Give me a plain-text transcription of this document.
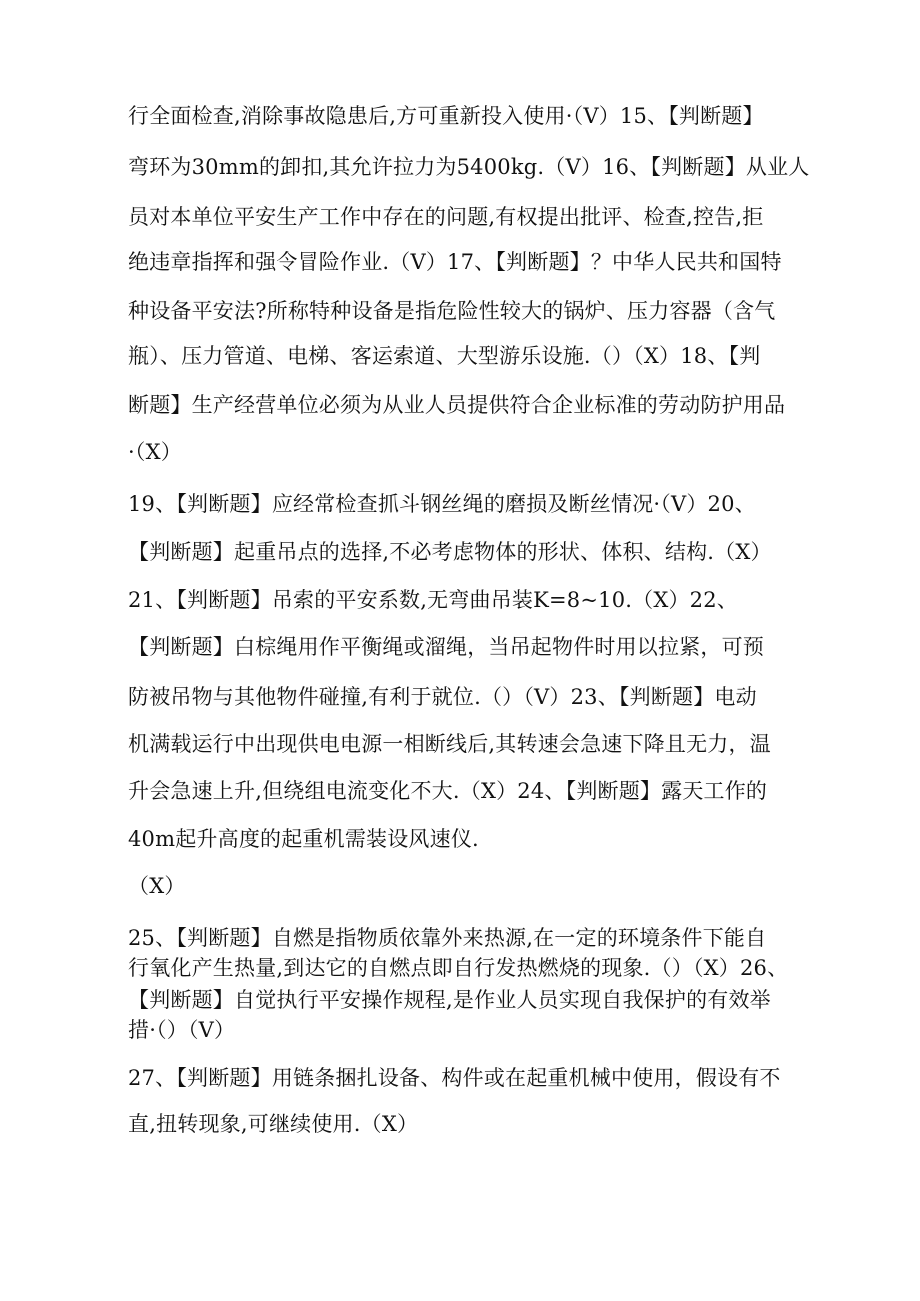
行全面检查,消除事故隐患后,方可重新投入使用·（V）15、【判断题】
弯环为30mm的卸扣,其允许拉力为5400kg.（V）16、【判断题】从业人
员对本单位平安生产工作中存在的问题,有权提出批评、检查,控告,拒
绝违章指挥和强令冒险作业.（V）17、【判断题】？中华人民共和国特
种设备平安法?所称特种设备是指危险性较大的锅炉、压力容器（含气
瓶）、压力管道、电梯、客运索道、大型游乐设施.（）（X）18、【判
断题】生产经营单位必须为从业人员提供符合企业标准的劳动防护用品
·（X）
19、【判断题】应经常检查抓斗钢丝绳的磨损及断丝情况·（V）20、
【判断题】起重吊点的选择,不必考虑物体的形状、体积、结构.（X）
21、【判断题】吊索的平安系数,无弯曲吊装K=8~10.（X）22、
【判断题】白棕绳用作平衡绳或溜绳，当吊起物件时用以拉紧，可预
防被吊物与其他物件碰撞,有利于就位.（）（V）23、【判断题】电动
机满载运行中出现供电电源一相断线后,其转速会急速下降且无力，温
升会急速上升,但绕组电流变化不大.（X）24、【判断题】露天工作的
40m起升高度的起重机需装设风速仪.
（X）
25、【判断题】自燃是指物质依靠外来热源,在一定的环境条件下能自
行氧化产生热量,到达它的自燃点即自行发热燃烧的现象.（）（X）26、
【判断题】自觉执行平安操作规程,是作业人员实现自我保护的有效举
措·（）（V）
27、【判断题】用链条捆扎设备、构件或在起重机械中使用，假设有不
直,扭转现象,可继续使用.（X）
